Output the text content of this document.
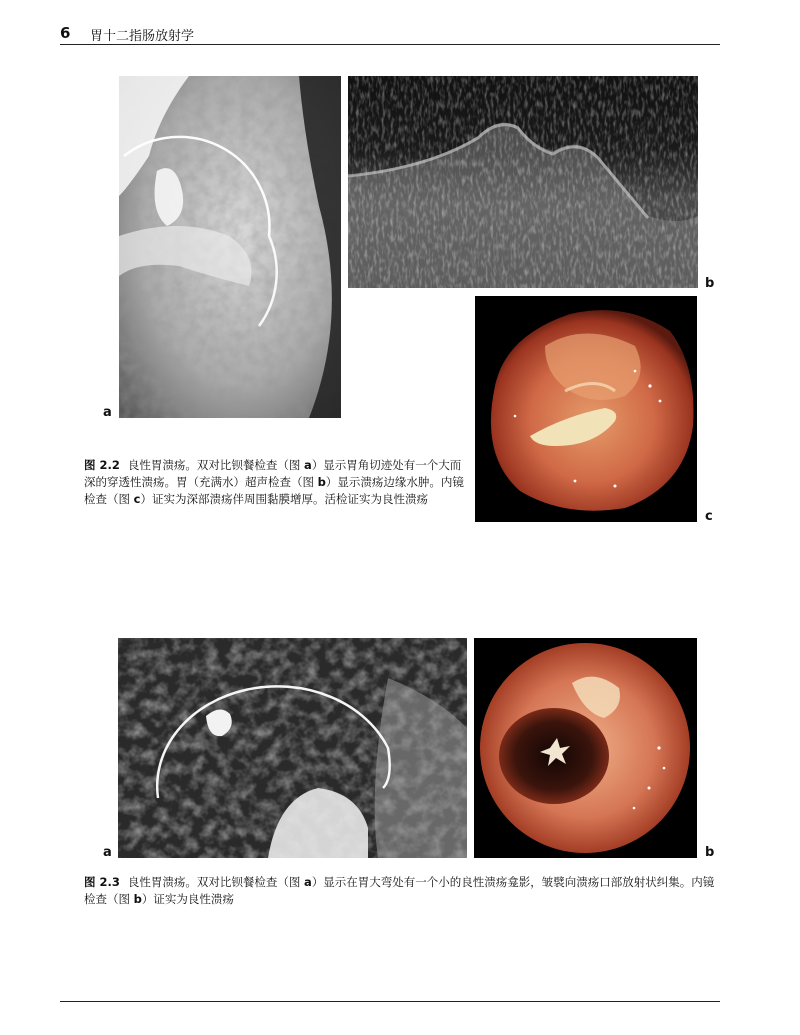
6 胃十二指肠放射学
a
b
c
图 2.2 良性胃溃疡。双对比钡餐检查（图 a）显示胃角切迹处有一个大而深的穿透性溃疡。胃（充满水）超声检查（图 b）显示溃疡边缘水肿。内镜检查（图 c）证实为深部溃疡伴周围黏膜增厚。活检证实为良性溃疡
a	b
图 2.3 良性胃溃疡。双对比钡餐检查（图 a）显示在胃大弯处有一个小的良性溃疡龛影，皱襞向溃疡口部放射状纠集。内镜检查（图 b）证实为良性溃疡
